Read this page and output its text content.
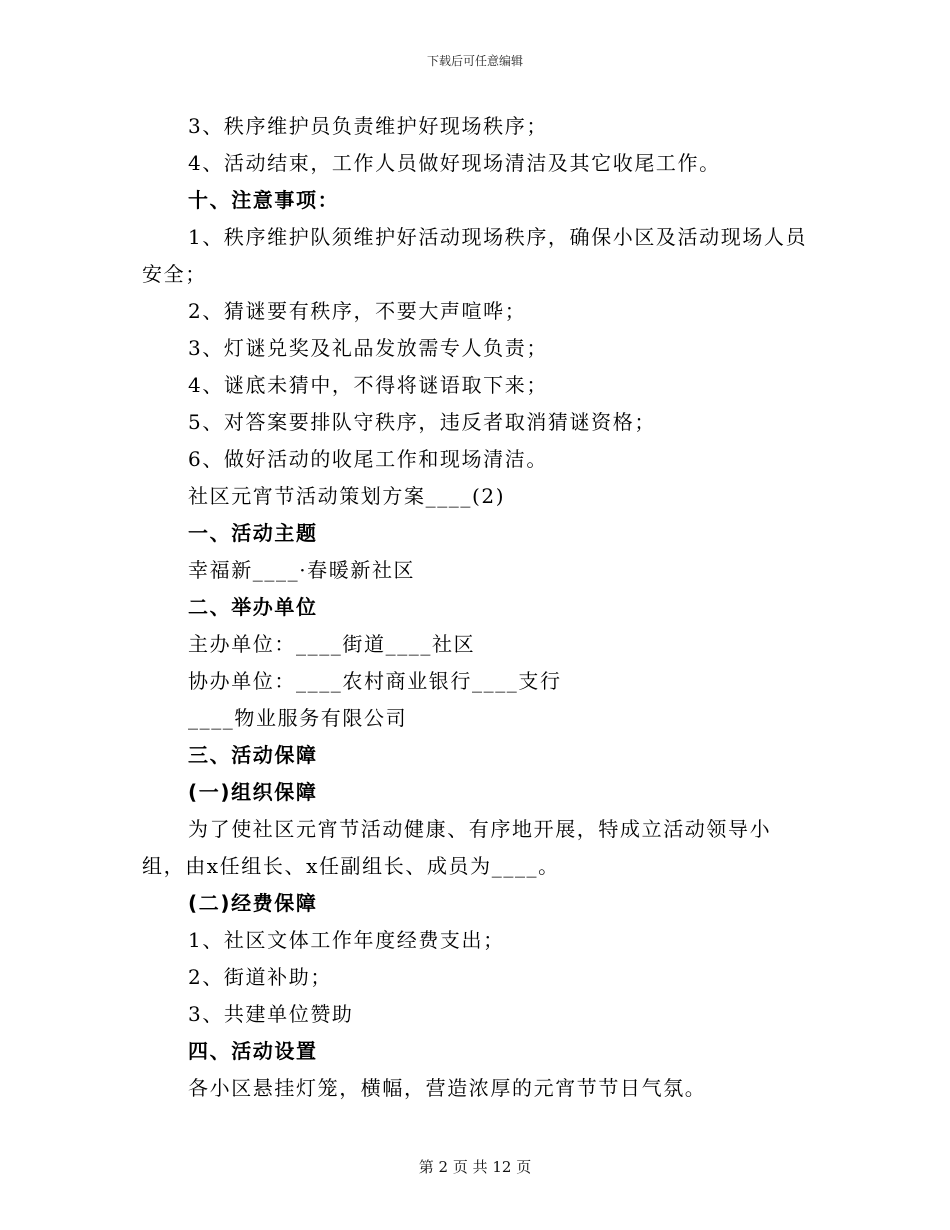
下载后可任意编辑

3、秩序维护员负责维护好现场秩序；

4、活动结束，工作人员做好现场清洁及其它收尾工作。

十、注意事项：

1、秩序维护队须维护好活动现场秩序，确保小区及活动现场人员安全；

2、猜谜要有秩序，不要大声喧哗；

3、灯谜兑奖及礼品发放需专人负责；

4、谜底未猜中，不得将谜语取下来；

5、对答案要排队守秩序，违反者取消猜谜资格；

6、做好活动的收尾工作和现场清洁。

社区元宵节活动策划方案____(2)

一、活动主题

幸福新____·春暖新社区

二、举办单位

主办单位：____街道____社区

协办单位：____农村商业银行____支行

____物业服务有限公司

三、活动保障

(一)组织保障

为了使社区元宵节活动健康、有序地开展，特成立活动领导小组，由x任组长、x任副组长、成员为____。

(二)经费保障

1、社区文体工作年度经费支出；

2、街道补助；

3、共建单位赞助

四、活动设置

各小区悬挂灯笼，横幅，营造浓厚的元宵节节日气氛。

第 2 页 共 12 页
